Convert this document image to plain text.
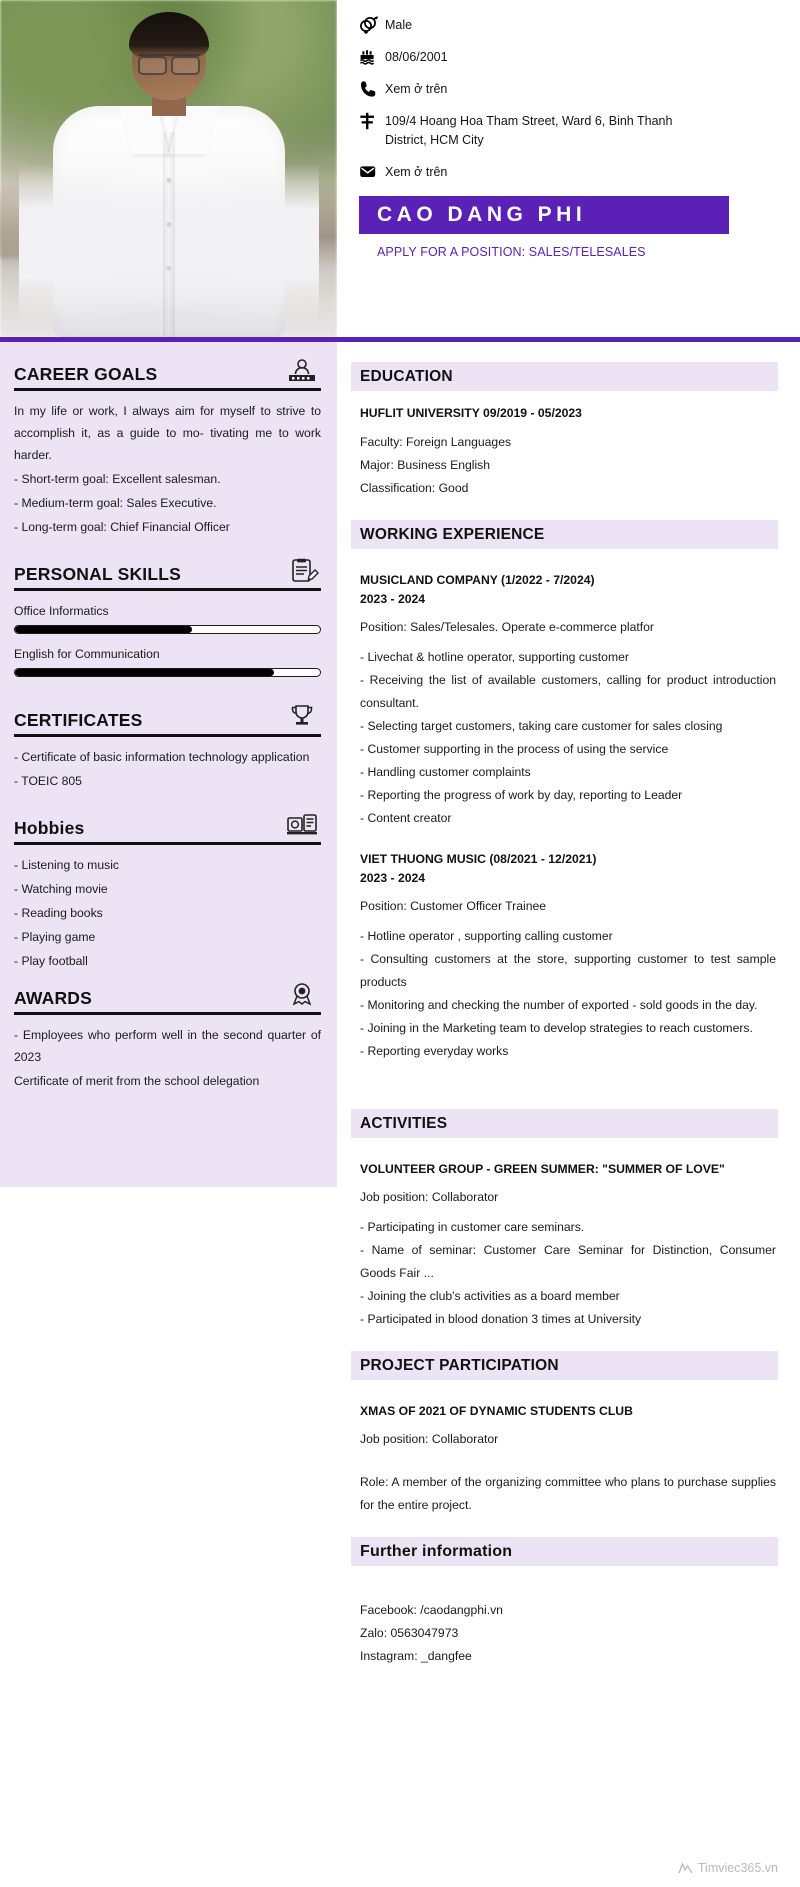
Male
08/06/2001
Xem ở trên
109/4 Hoang Hoa Tham Street, Ward 6, Binh Thanh District, HCM City
Xem ở trên
CAO DANG PHI
APPLY FOR A POSITION: SALES/TELESALES
CAREER GOALS

In my life or work, I always aim for myself to strive to accomplish it, as a guide to mo- tivating me to work harder.

- Short-term goal: Excellent salesman.

- Medium-term goal: Sales Executive.

- Long-term goal: Chief Financial Officer

PERSONAL SKILLS
Office Informatics
English for Communication
CERTIFICATES

- Certificate of basic information technology application

- TOEIC 805

Hobbies

- Listening to music

- Watching movie

- Reading books

- Playing game

- Play football

AWARDS

- Employees who perform well in the second quarter of 2023

Certificate of merit from the school delegation

EDUCATION
HUFLIT UNIVERSITY 09/2019 - 05/2023
Faculty: Foreign Languages
Major: Business English
Classification: Good
WORKING EXPERIENCE
MUSICLAND COMPANY (1/2022 - 7/2024)
2023 - 2024
Position: Sales/Telesales. Operate e-commerce platfor
- Livechat & hotline operator, supporting customer
- Receiving the list of available customers, calling for product introduction consultant.
- Selecting target customers, taking care customer for sales closing
- Customer supporting in the process of using the service
- Handling customer complaints
- Reporting the progress of work by day, reporting to Leader
- Content creator
VIET THUONG MUSIC (08/2021 - 12/2021)
2023 - 2024
Position: Customer Officer Trainee
- Hotline operator , supporting calling customer
- Consulting customers at the store, supporting customer to test sample products
- Monitoring and checking the number of exported - sold goods in the day.
- Joining in the Marketing team to develop strategies to reach customers.
- Reporting everyday works
ACTIVITIES
VOLUNTEER GROUP - GREEN SUMMER: "SUMMER OF LOVE"
Job position: Collaborator
- Participating in customer care seminars.
- Name of seminar: Customer Care Seminar for Distinction, Consumer Goods Fair ...
- Joining the club's activities as a board member
- Participated in blood donation 3 times at University
PROJECT PARTICIPATION
XMAS OF 2021 OF DYNAMIC STUDENTS CLUB
Job position: Collaborator
Role: A member of the organizing committee who plans to purchase supplies for the entire project.
Further information
Facebook: /caodangphi.vn
Zalo: 0563047973
Instagram: _dangfee
Timviec365.vn
